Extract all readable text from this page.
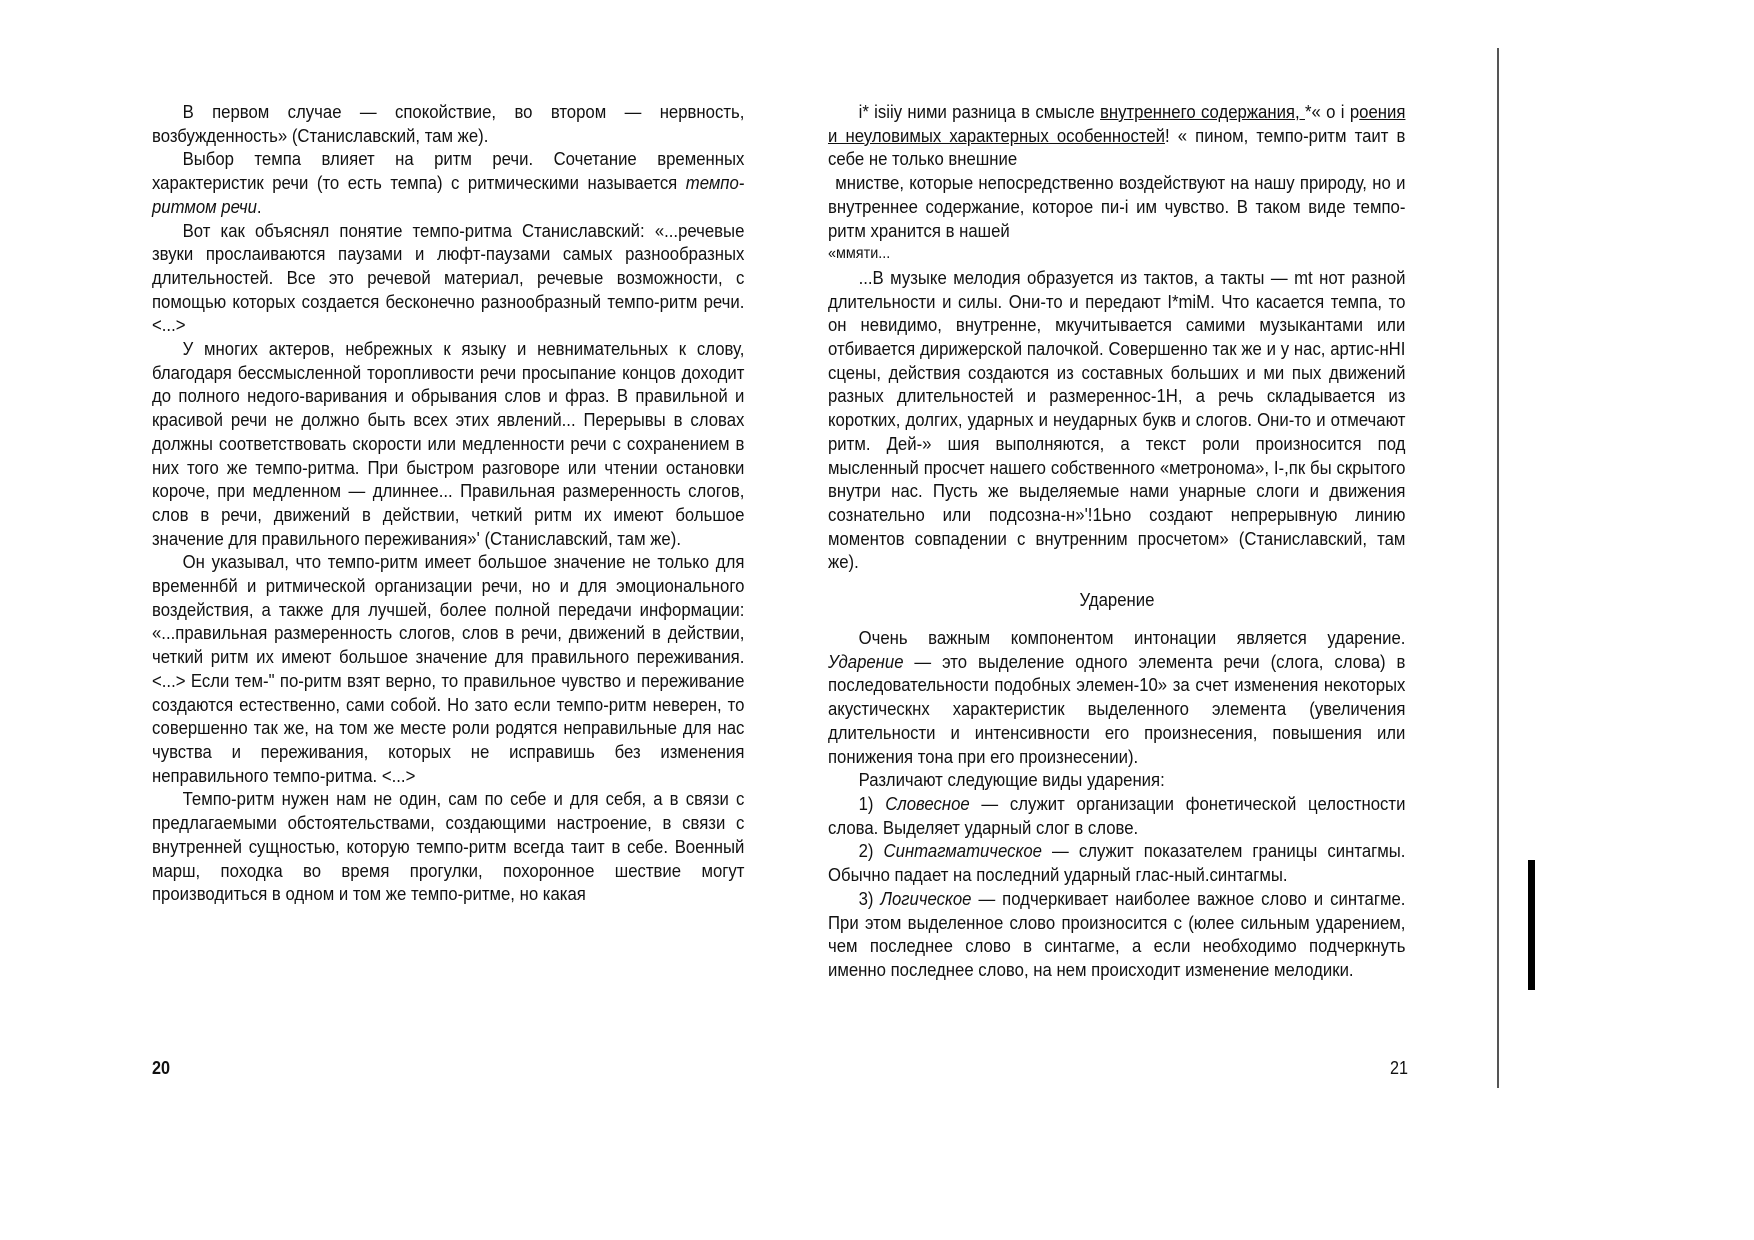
В первом случае — спокойствие, во втором — нервность, возбужденность» (Станиславский, там же).

Выбор темпа влияет на ритм речи. Сочетание временных характеристик речи (то есть темпа) с ритмическими называется темпо-ритмом речи.

Вот как объяснял понятие темпо-ритма Станиславский: «...речевые звуки прослаиваются паузами и люфт-паузами самых разнообразных длительностей. Все это речевой материал, речевые возможности, с помощью которых создается бесконечно разнообразный темпо-ритм речи. <...>

У многих актеров, небрежных к языку и невнимательных к слову, благодаря бессмысленной торопливости речи просыпание концов доходит до полного недого-варивания и обрывания слов и фраз. В правильной и красивой речи не должно быть всех этих явлений... Перерывы в словах должны соответствовать скорости или медленности речи с сохранением в них того же темпо-ритма. При быстром разговоре или чтении остановки короче, при медленном — длиннее... Правильная размеренность слогов, слов в речи, движений в действии, четкий ритм их имеют большое значение для правильного переживания»' (Станиславский, там же).

Он указывал, что темпо-ритм имеет большое значение не только для временнбй и ритмической организации речи, но и для эмоционального воздействия, а также для лучшей, более полной передачи информации: «...правильная размеренность слогов, слов в речи, движений в действии, четкий ритм их имеют большое значение для правильного переживания. <...> Если тем-" по-ритм взят верно, то правильное чувство и переживание создаются естественно, сами собой. Но зато если темпо-ритм неверен, то совершенно так же, на том же месте роли родятся неправильные для нас чувства и переживания, которых не исправишь без изменения неправильного темпо-ритма. <...>

Темпо-ритм нужен нам не один, сам по себе и для себя, а в связи с предлагаемыми обстоятельствами, создающими настроение, в связи с внутренней сущностью, которую темпо-ритм всегда таит в себе. Военный марш, походка во время прогулки, похоронное шествие могут производиться в одном и том же темпо-ритме, но какая

i* isiiy ними разница в смысле внутреннего содержания, *« о і роения и неуловимых характерных особенностей! « пином, темпо-ритм таит в себе не только внешние

мнистве, которые непосредственно воздействуют на нашу природу, но и внутреннее содержание, которое пи-і им чувство. В таком виде темпо-ритм хранится в нашей

«ммяти...

...В музыке мелодия образуется из тактов, а такты — mt нот разной длительности и силы. Они-то и передают I*miM. Что касается темпа, то он невидимо, внутренне, мкучитывается самими музыкантами или отбивается дирижерской палочкой. Совершенно так же и у нас, артис-нНI сцены, действия создаются из составных больших и ми пых движений разных длительностей и размереннос-1Н, а речь складывается из коротких, долгих, ударных и неударных букв и слогов. Они-то и отмечают ритм. Дей-» шия выполняются, а текст роли произносится под мысленный просчет нашего собственного «метронома», I-,пк бы скрытого внутри нас. Пусть же выделяемые нами унарные слоги и движения сознательно или подсозна-н»'!1Ьно создают непрерывную линию моментов совпадении с внутренним просчетом» (Станиславский, там же).

Ударение

Очень важным компонентом интонации является ударение. Ударение — это выделение одного элемента речи (слога, слова) в последовательности подобных элемен-10» за счет изменения некоторых акустическнх характеристик выделенного элемента (увеличения длительности и интенсивности его произнесения, повышения или понижения тона при его произнесении).

Различают следующие виды ударения:

1) Словесное — служит организации фонетической целостности слова. Выделяет ударный слог в слове.

2) Синтагматическое — служит показателем границы синтагмы. Обычно падает на последний ударный глас-ный.синтагмы.

3) Логическое — подчеркивает наиболее важное слово и синтагме. При этом выделенное слово произносится с (юлее сильным ударением, чем последнее слово в синтагме, а если необходимо подчеркнуть именно последнее слово, на нем происходит изменение мелодики.

20	21
